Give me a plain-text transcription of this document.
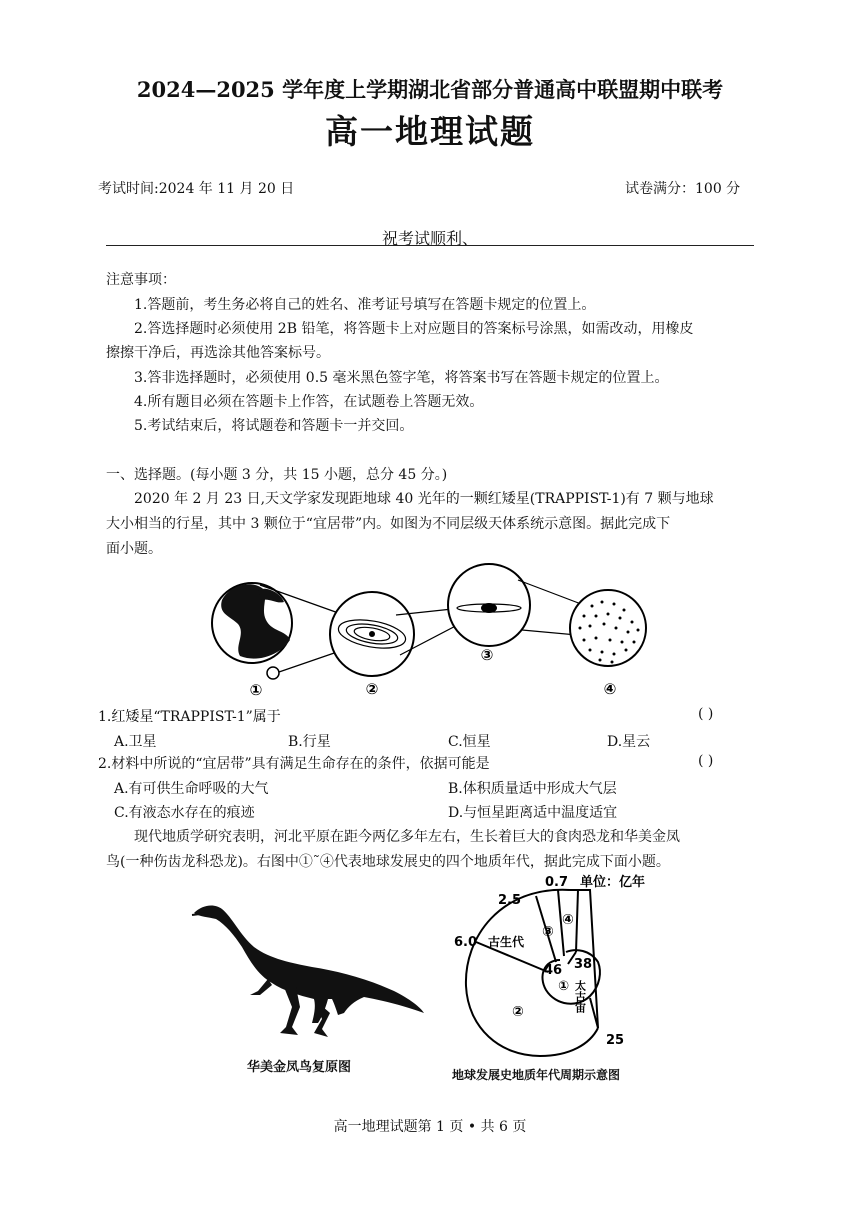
2024—2025 学年度上学期湖北省部分普通高中联盟期中联考
高一地理试题
考试时间:2024 年 11 月 20 日	试卷满分：100 分
祝考试顺利、
注意事项：
1.答题前，考生务必将自己的姓名、准考证号填写在答题卡规定的位置上。
2.答选择题时必须使用 2B 铅笔，将答题卡上对应题目的答案标号涂黑，如需改动，用橡皮
擦擦干净后，再选涂其他答案标号。
3.答非选择题时，必须使用 0.5 毫米黑色签字笔，将答案书写在答题卡规定的位置上。
4.所有题目必须在答题卡上作答，在试题卷上答题无效。
5.考试结束后，将试题卷和答题卡一并交回。
一、选择题。(每小题 3 分，共 15 小题，总分 45 分。)
2020 年 2 月 23 日,天文学家发现距地球 40 光年的一颗红矮星(TRAPPIST-1)有 7 颗与地球
大小相当的行星，其中 3 颗位于“宜居带”内。如图为不同层级天体系统示意图。据此完成下
面小题。
①	②
③
④
1.红矮星“TRAPPIST-1”属于	( )
A.卫星	B.行星	C.恒星	D.星云
2.材料中所说的“宜居带”具有满足生命存在的条件，依据可能是	( )
A.有可供生命呼吸的大气	B.体积质量适中形成大气层
C.有液态水存在的痕迹	D.与恒星距离适中温度适宜
现代地质学研究表明，河北平原在距今两亿多年左右，生长着巨大的食肉恐龙和华美金凤
鸟(一种伤齿龙科恐龙)。右图中①˜④代表地球发展史的四个地质年代，据此完成下面小题。
华美金凤鸟复原图
0.7
2.5
6.0
46 38
25
单位：亿年
古生代
太古宙
①
②
③
④
地球发展史地质年代周期示意图
高一地理试题第 1 页 • 共 6 页
